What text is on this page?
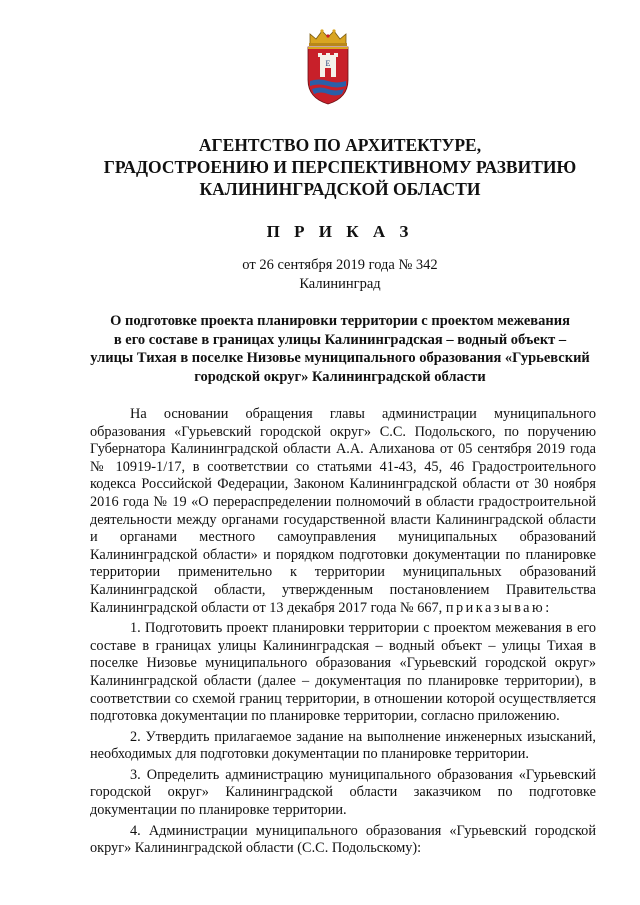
Е
АГЕНТСТВО ПО АРХИТЕКТУРЕ,
ГРАДОСТРОЕНИЮ И ПЕРСПЕКТИВНОМУ РАЗВИТИЮ
КАЛИНИНГРАДСКОЙ ОБЛАСТИ
П Р И К А З
от 26 сентября 2019 года № 342
Калининград
О подготовке проекта планировки территории с проектом межевания
в его составе в границах улицы Калининградская – водный объект –
улицы Тихая в поселке Низовье муниципального образования «Гурьевский
городской округ» Калининградской области

На основании обращения главы администрации муниципального образования «Гурьевский городской округ» С.С. Подольского, по поручению Губернатора Калининградской области А.А. Алиханова от 05 сентября 2019 года № 10919-1/17, в соответствии со статьями 41-43, 45, 46 Градостроительного кодекса Российской Федерации, Законом Калининградской области от 30 ноября 2016 года № 19 «О перераспределении полномочий в области градостроительной деятельности между органами государственной власти Калининградской области и органами местного самоуправления муниципальных образований Калининградской области» и порядком подготовки документации по планировке территории применительно к территории муниципальных образований Калининградской области, утвержденным постановлением Правительства Калининградской области от 13 декабря 2017 года № 667, приказываю:

1. Подготовить проект планировки территории с проектом межевания в его составе в границах улицы Калининградская – водный объект – улицы Тихая в поселке Низовье муниципального образования «Гурьевский городской округ» Калининградской области (далее – документация по планировке территории), в соответствии со схемой границ территории, в отношении которой осуществляется подготовка документации по планировке территории, согласно приложению.

2. Утвердить прилагаемое задание на выполнение инженерных изысканий, необходимых для подготовки документации по планировке территории.

3. Определить администрацию муниципального образования «Гурьевский городской округ» Калининградской области заказчиком по подготовке документации по планировке территории.

4. Администрации муниципального образования «Гурьевский городской округ» Калининградской области (С.С. Подольскому):
